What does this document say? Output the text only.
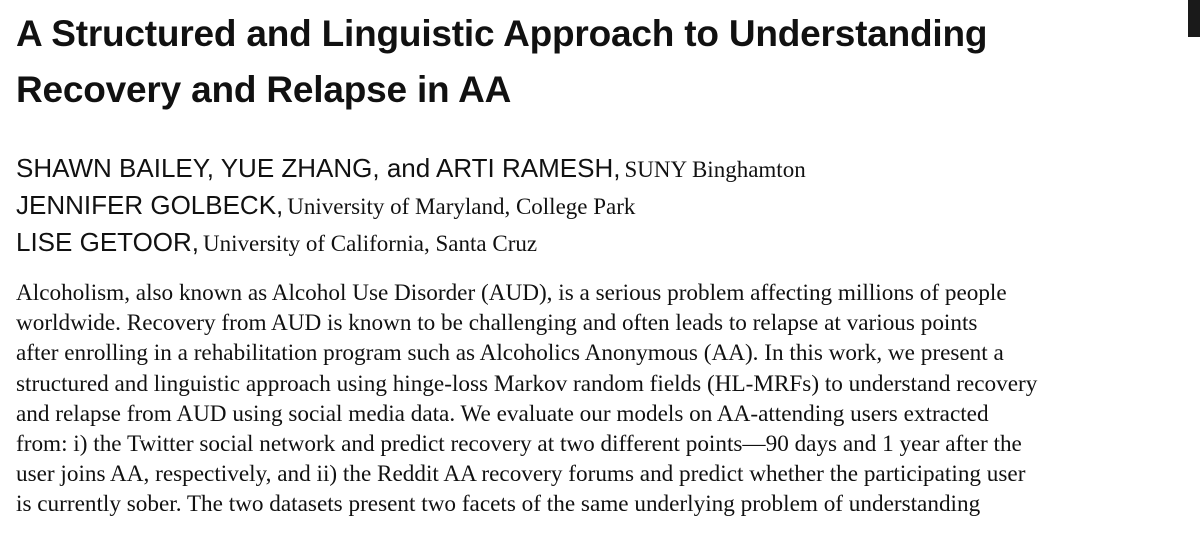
A Structured and Linguistic Approach to Understanding
Recovery and Relapse in AA
SHAWN BAILEY, YUE ZHANG, and ARTI RAMESH, SUNY Binghamton
JENNIFER GOLBECK, University of Maryland, College Park
LISE GETOOR, University of California, Santa Cruz
Alcoholism, also known as Alcohol Use Disorder (AUD), is a serious problem affecting millions of people
worldwide. Recovery from AUD is known to be challenging and often leads to relapse at various points
after enrolling in a rehabilitation program such as Alcoholics Anonymous (AA). In this work, we present a
structured and linguistic approach using hinge-loss Markov random fields (HL-MRFs) to understand recovery
and relapse from AUD using social media data. We evaluate our models on AA-attending users extracted
from: i) the Twitter social network and predict recovery at two different points—90 days and 1 year after the
user joins AA, respectively, and ii) the Reddit AA recovery forums and predict whether the participating user
is currently sober. The two datasets present two facets of the same underlying problem of understanding
